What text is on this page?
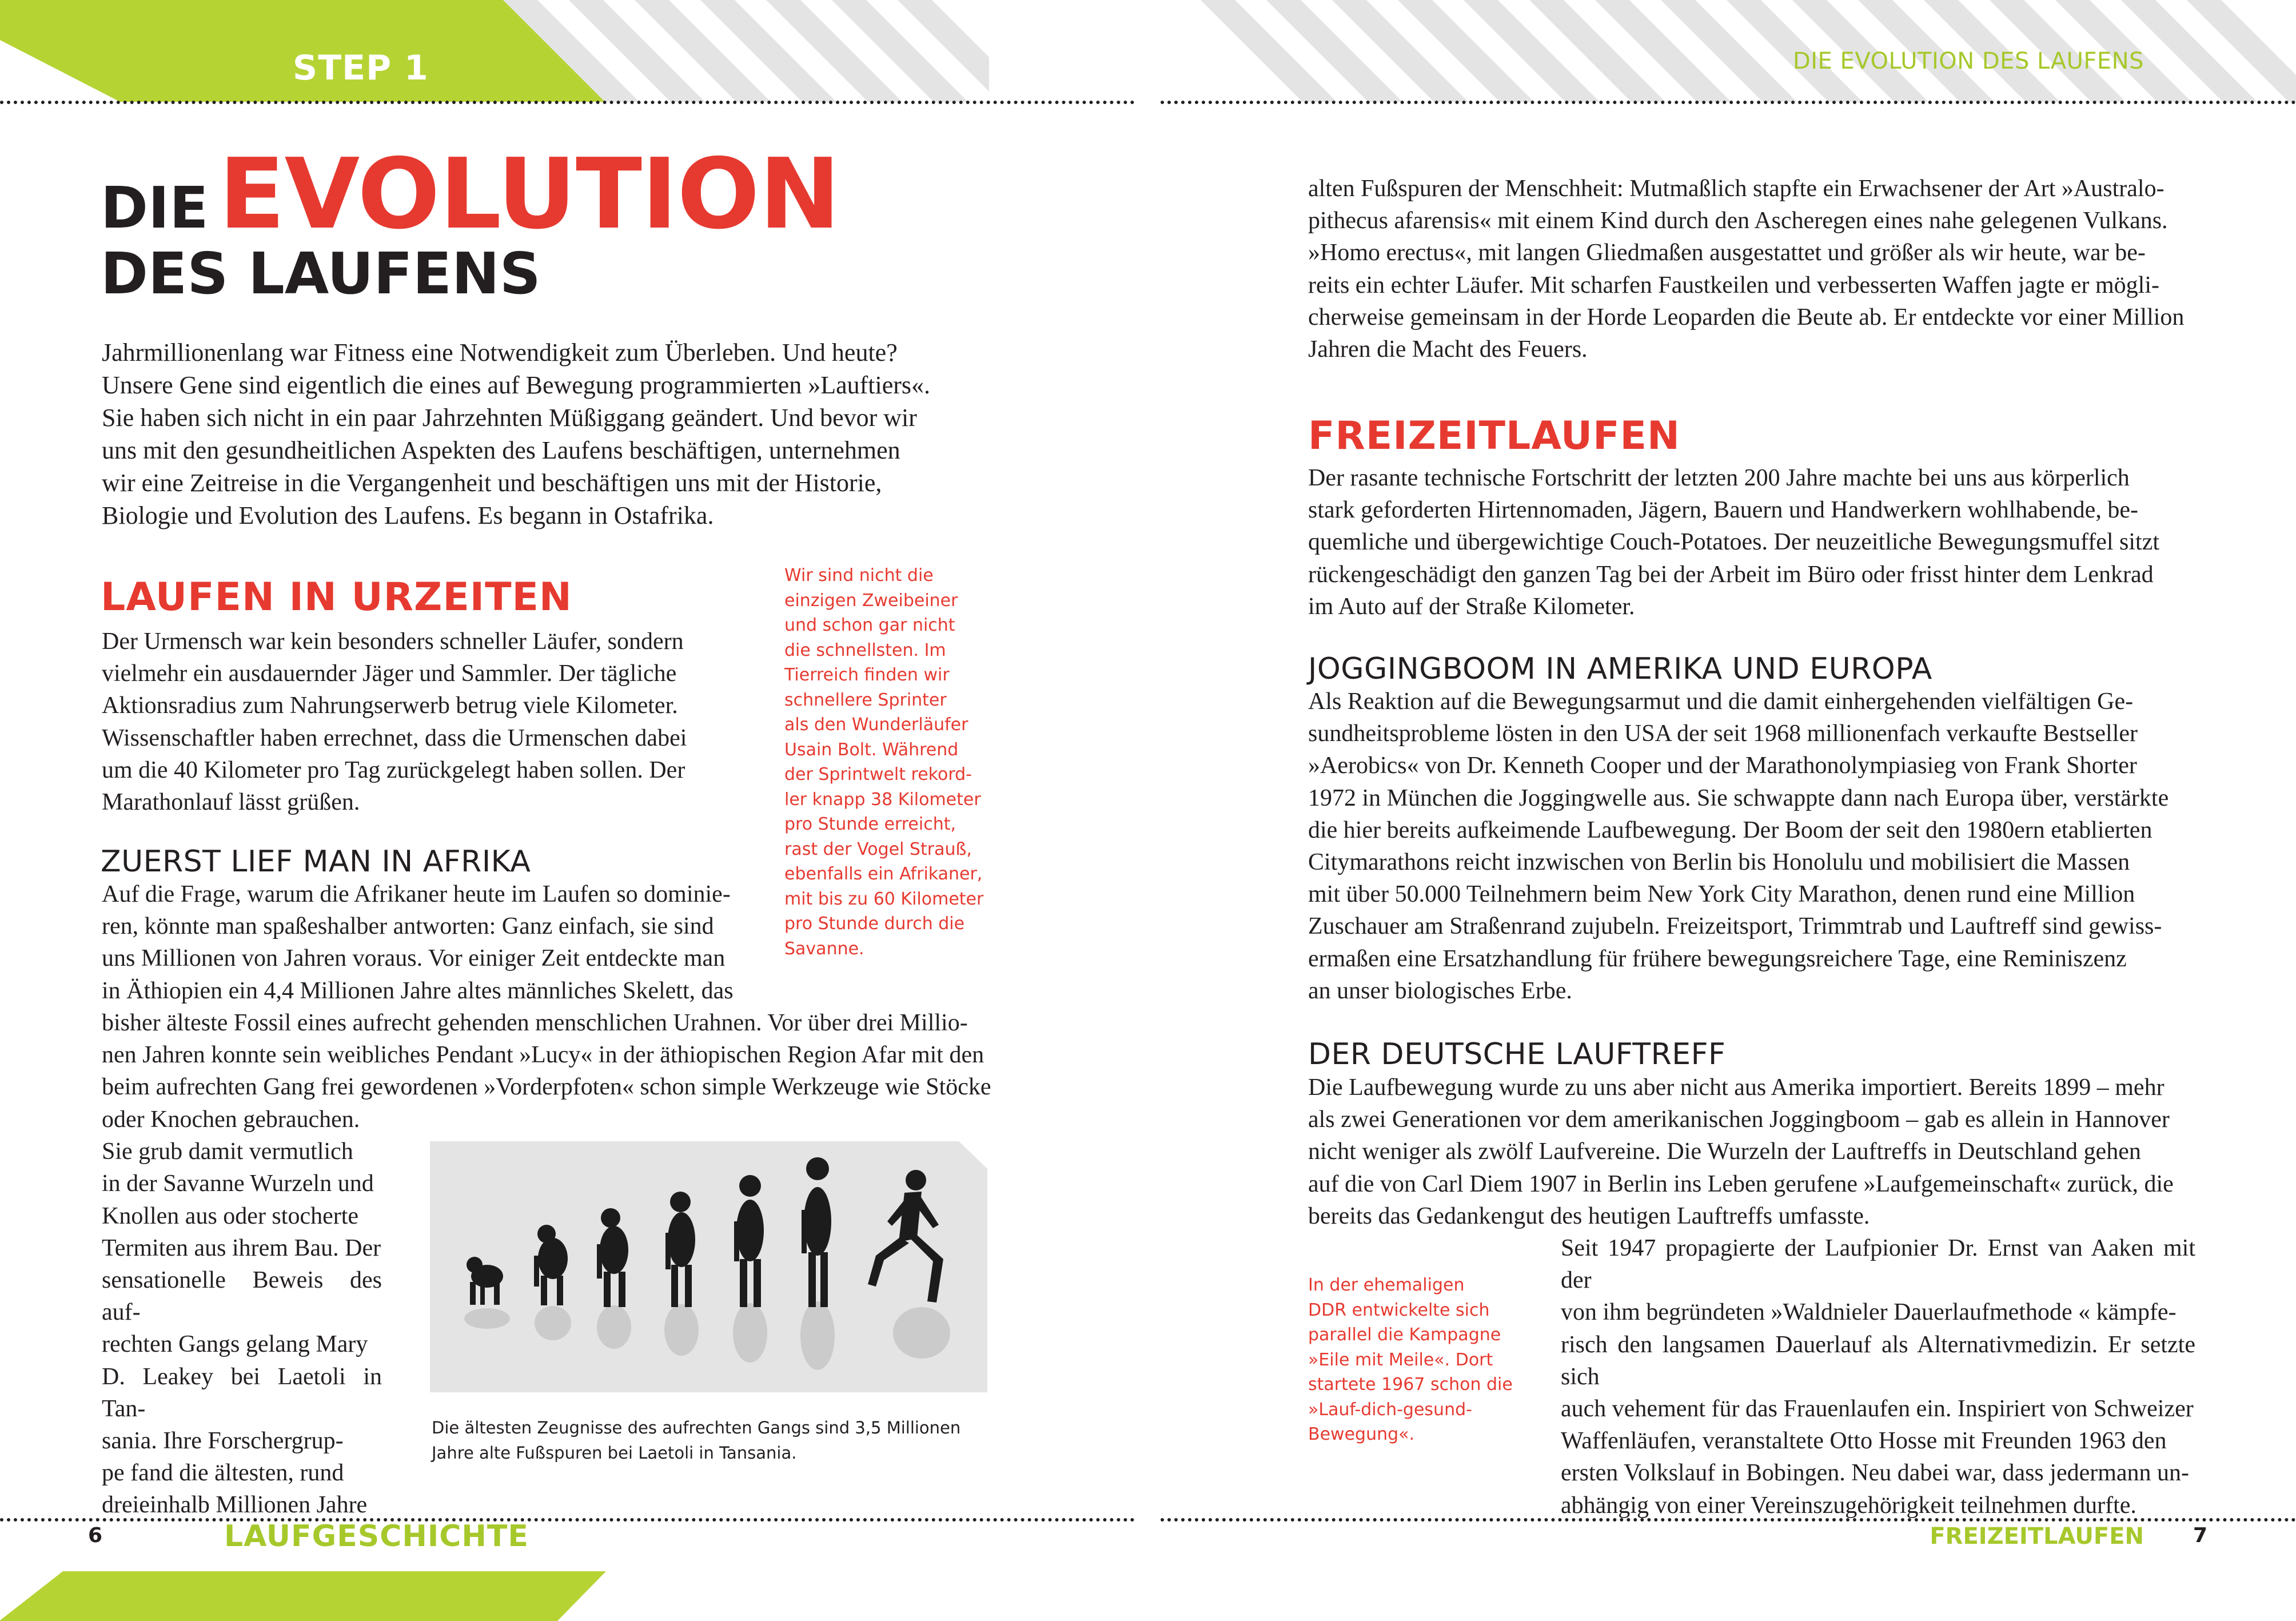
STEP 1	DIE EVOLUTION DES LAUFENS
DIE EVOLUTION
DES LAUFENS

Jahrmillionenlang war Fitness eine Notwendigkeit zum Überleben. Und heute?
Unsere Gene sind eigentlich die eines auf Bewegung programmierten »Lauftiers«.
Sie haben sich nicht in ein paar Jahrzehnten Müßiggang geändert. Und bevor wir
uns mit den gesundheitlichen Aspekten des Laufens beschäftigen, unternehmen
wir eine Zeitreise in die Vergangenheit und beschäftigen uns mit der Historie,
Biologie und Evolution des Laufens. Es begann in Ostafrika.

LAUFEN IN URZEITEN

Der Urmensch war kein besonders schneller Läufer, sondern
vielmehr ein ausdauernder Jäger und Sammler. Der tägliche
Aktionsradius zum Nahrungserwerb betrug viele Kilometer.
Wissenschaftler haben errechnet, dass die Urmenschen dabei
um die 40 Kilometer pro Tag zurückgelegt haben sollen. Der
Marathonlauf lässt grüßen.

Wir sind nicht die
einzigen Zweibeiner
und schon gar nicht
die schnellsten. Im
Tierreich finden wir
schnellere Sprinter
als den Wunderläufer
Usain Bolt. Während
der Sprintwelt rekord-
ler knapp 38 Kilometer
pro Stunde erreicht,
rast der Vogel Strauß,
ebenfalls ein Afrikaner,
mit bis zu 60 Kilometer
pro Stunde durch die
Savanne.

ZUERST LIEF MAN IN AFRIKA

Auf die Frage, warum die Afrikaner heute im Laufen so dominie-
ren, könnte man spaßeshalber antworten: Ganz einfach, sie sind
uns Millionen von Jahren voraus. Vor einiger Zeit entdeckte man
in Äthiopien ein 4,4 Millionen Jahre altes männliches Skelett, das

bisher älteste Fossil eines aufrecht gehenden menschlichen Urahnen. Vor über drei Millio-
nen Jahren konnte sein weibliches Pendant »Lucy« in der äthiopischen Region Afar mit den
beim aufrechten Gang frei gewordenen »Vorderpfoten« schon simple Werkzeuge wie Stöcke

oder Knochen gebrauchen.
Sie grub damit vermutlich
in der Savanne Wurzeln und
Knollen aus oder stocherte
Termiten aus ihrem Bau. Der
sensationelle Beweis des auf-
rechten Gangs gelang Mary
D. Leakey bei Laetoli in Tan-
sania. Ihre Forschergrup-
pe fand die ältesten, rund
dreieinhalb Millionen Jahre

Die ältesten Zeugnisse des aufrechten Gangs sind 3,5 Millionen
Jahre alte Fußspuren bei Laetoli in Tansania.

alten Fußspuren der Menschheit: Mutmaßlich stapfte ein Erwachsener der Art »Australo-
pithecus afarensis« mit einem Kind durch den Ascheregen eines nahe gelegenen Vulkans.
»Homo erectus«, mit langen Gliedmaßen ausgestattet und größer als wir heute, war be-
reits ein echter Läufer. Mit scharfen Faustkeilen und verbesserten Waffen jagte er mögli-
cherweise gemeinsam in der Horde Leoparden die Beute ab. Er entdeckte vor einer Million
Jahren die Macht des Feuers.

FREIZEITLAUFEN

Der rasante technische Fortschritt der letzten 200 Jahre machte bei uns aus körperlich
stark geforderten Hirtennomaden, Jägern, Bauern und Handwerkern wohlhabende, be-
quemliche und übergewichtige Couch-Potatoes. Der neuzeitliche Bewegungsmuffel sitzt
rückengeschädigt den ganzen Tag bei der Arbeit im Büro oder frisst hinter dem Lenkrad
im Auto auf der Straße Kilometer.

JOGGINGBOOM IN AMERIKA UND EUROPA

Als Reaktion auf die Bewegungsarmut und die damit einhergehenden vielfältigen Ge-
sundheitsprobleme lösten in den USA der seit 1968 millionenfach verkaufte Bestseller
»Aerobics« von Dr. Kenneth Cooper und der Marathonolympiasieg von Frank Shorter
1972 in München die Joggingwelle aus. Sie schwappte dann nach Europa über, verstärkte
die hier bereits aufkeimende Laufbewegung. Der Boom der seit den 1980ern etablierten
Citymarathons reicht inzwischen von Berlin bis Honolulu und mobilisiert die Massen
mit über 50.000 Teilnehmern beim New York City Marathon, denen rund eine Million
Zuschauer am Straßenrand zujubeln. Freizeitsport, Trimmtrab und Lauftreff sind gewiss-
ermaßen eine Ersatzhandlung für frühere bewegungsreichere Tage, eine Reminiszenz
an unser biologisches Erbe.

DER DEUTSCHE LAUFTREFF

Die Laufbewegung wurde zu uns aber nicht aus Amerika importiert. Bereits 1899 – mehr
als zwei Generationen vor dem amerikanischen Joggingboom – gab es allein in Hannover
nicht weniger als zwölf Laufvereine. Die Wurzeln der Lauftreffs in Deutschland gehen
auf die von Carl Diem 1907 in Berlin ins Leben gerufene »Laufgemeinschaft« zurück, die
bereits das Gedankengut des heutigen Lauftreffs umfasste.

In der ehemaligen
DDR entwickelte sich
parallel die Kampagne
»Eile mit Meile«. Dort
startete 1967 schon die
»Lauf-dich-gesund-
Bewegung«.

Seit 1947 propagierte der Laufpionier Dr. Ernst van Aaken mit der
von ihm begründeten »Waldnieler Dauerlaufmethode « kämpfe-
risch den langsamen Dauerlauf als Alternativmedizin. Er setzte sich
auch vehement für das Frauenlaufen ein. Inspiriert von Schweizer
Waffenläufen, veranstaltete Otto Hosse mit Freunden 1963 den
ersten Volkslauf in Bobingen. Neu dabei war, dass jedermann un-
abhängig von einer Vereinszugehörigkeit teilnehmen durfte.

6	LAUFGESCHICHTE	FREIZEITLAUFEN 7
